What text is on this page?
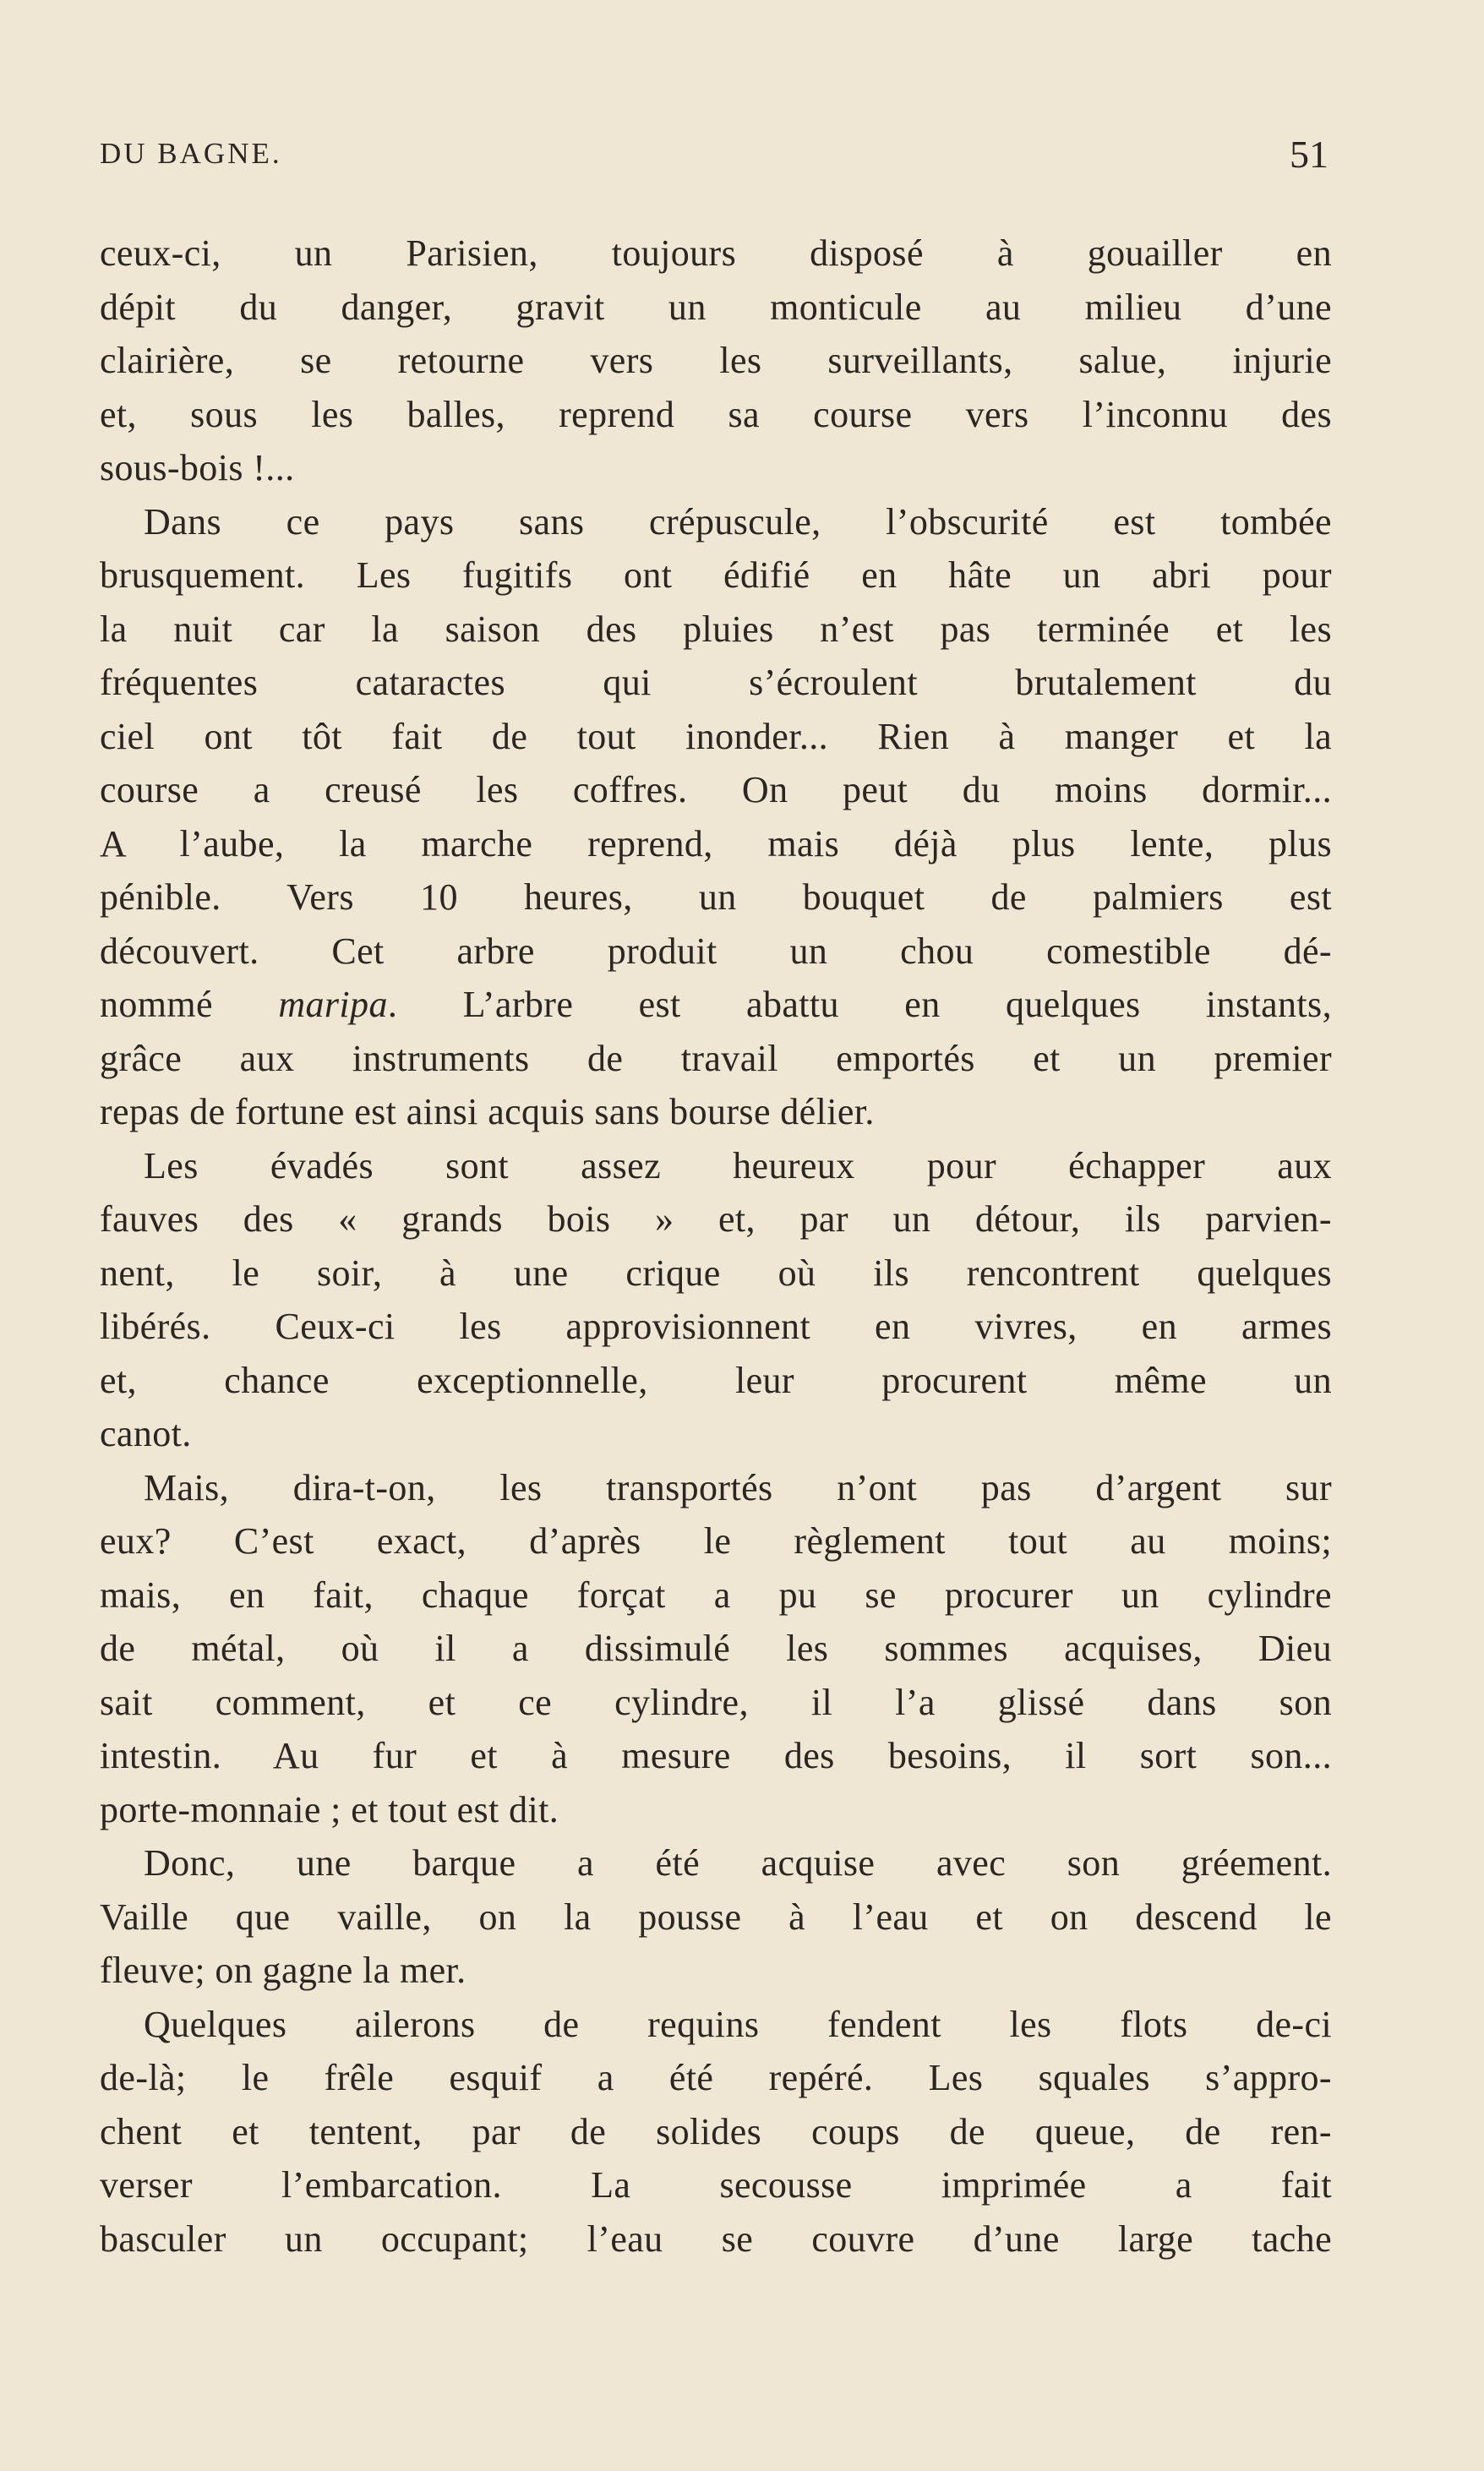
DU BAGNE.	51
ceux-ci, un Parisien, toujours disposé à gouailler en
dépit du danger, gravit un monticule au milieu d’une
clairière, se retourne vers les surveillants, salue, injurie
et, sous les balles, reprend sa course vers l’inconnu des
sous-bois !...
Dans ce pays sans crépuscule, l’obscurité est tombée
brusquement. Les fugitifs ont édifié en hâte un abri pour
la nuit car la saison des pluies n’est pas terminée et les
fréquentes cataractes qui s’écroulent brutalement du
ciel ont tôt fait de tout inonder... Rien à manger et la
course a creusé les coffres. On peut du moins dormir...
A l’aube, la marche reprend, mais déjà plus lente, plus
pénible. Vers 10 heures, un bouquet de palmiers est
découvert. Cet arbre produit un chou comestible dé-
nommé maripa. L’arbre est abattu en quelques instants,
grâce aux instruments de travail emportés et un premier
repas de fortune est ainsi acquis sans bourse délier.
Les évadés sont assez heureux pour échapper aux
fauves des « grands bois » et, par un détour, ils parvien-
nent, le soir, à une crique où ils rencontrent quelques
libérés. Ceux-ci les approvisionnent en vivres, en armes
et, chance exceptionnelle, leur procurent même un
canot.
Mais, dira-t-on, les transportés n’ont pas d’argent sur
eux? C’est exact, d’après le règlement tout au moins;
mais, en fait, chaque forçat a pu se procurer un cylindre
de métal, où il a dissimulé les sommes acquises, Dieu
sait comment, et ce cylindre, il l’a glissé dans son
intestin. Au fur et à mesure des besoins, il sort son...
porte-monnaie ; et tout est dit.
Donc, une barque a été acquise avec son gréement.
Vaille que vaille, on la pousse à l’eau et on descend le
fleuve; on gagne la mer.
Quelques ailerons de requins fendent les flots de-ci
de-là; le frêle esquif a été repéré. Les squales s’appro-
chent et tentent, par de solides coups de queue, de ren-
verser l’embarcation. La secousse imprimée a fait
basculer un occupant; l’eau se couvre d’une large tache
